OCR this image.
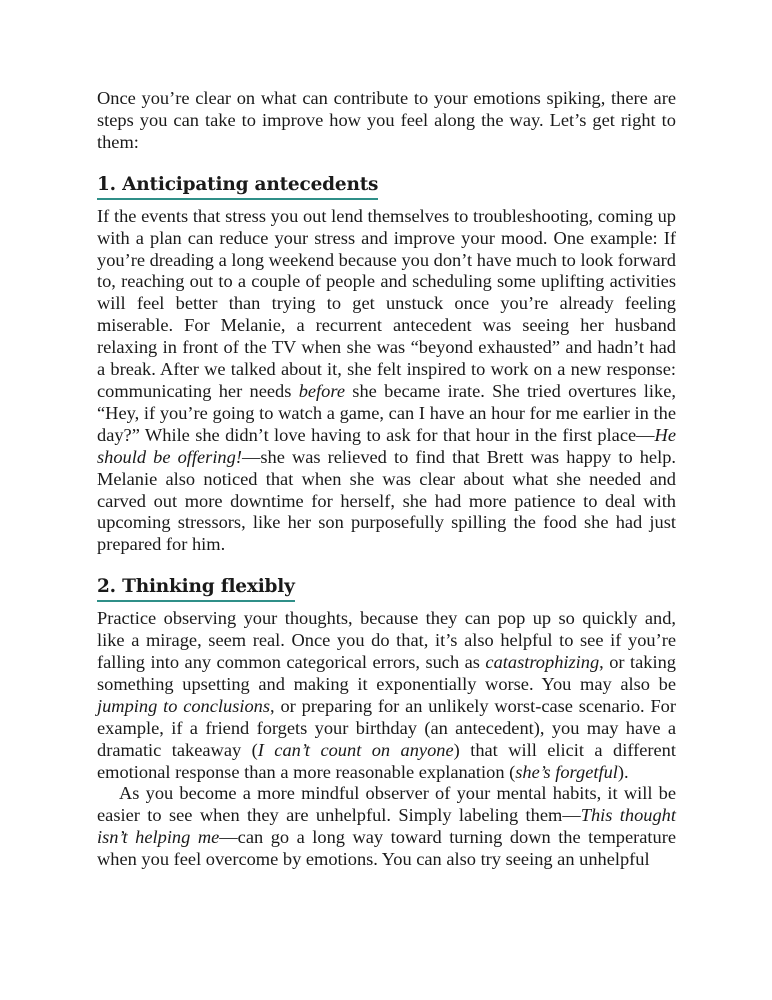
Once you’re clear on what can contribute to your emotions spiking, there are steps you can take to improve how you feel along the way. Let’s get right to them:

1. Anticipating antecedents

If the events that stress you out lend themselves to troubleshooting, coming up with a plan can reduce your stress and improve your mood. One example: If you’re dreading a long weekend because you don’t have much to look forward to, reaching out to a couple of people and scheduling some uplifting activities will feel better than trying to get unstuck once you’re already feeling miserable. For Melanie, a recurrent antecedent was seeing her husband relaxing in front of the TV when she was “beyond exhausted” and hadn’t had a break. After we talked about it, she felt inspired to work on a new response: communicating her needs before she became irate. She tried overtures like, “Hey, if you’re going to watch a game, can I have an hour for me earlier in the day?” While she didn’t love having to ask for that hour in the first place—He should be offering!—she was relieved to find that Brett was happy to help. Melanie also noticed that when she was clear about what she needed and carved out more downtime for herself, she had more patience to deal with upcoming stressors, like her son purposefully spilling the food she had just prepared for him.

2. Thinking flexibly

Practice observing your thoughts, because they can pop up so quickly and, like a mirage, seem real. Once you do that, it’s also helpful to see if you’re falling into any common categorical errors, such as catastrophizing, or taking something upsetting and making it exponentially worse. You may also be jumping to conclusions, or preparing for an unlikely worst-case scenario. For example, if a friend forgets your birthday (an antecedent), you may have a dramatic takeaway (I can’t count on anyone) that will elicit a different emotional response than a more reasonable explanation (she’s forgetful).

As you become a more mindful observer of your mental habits, it will be easier to see when they are unhelpful. Simply labeling them—This thought isn’t helping me—can go a long way toward turning down the temperature when you feel overcome by emotions. You can also try seeing an unhelpful
